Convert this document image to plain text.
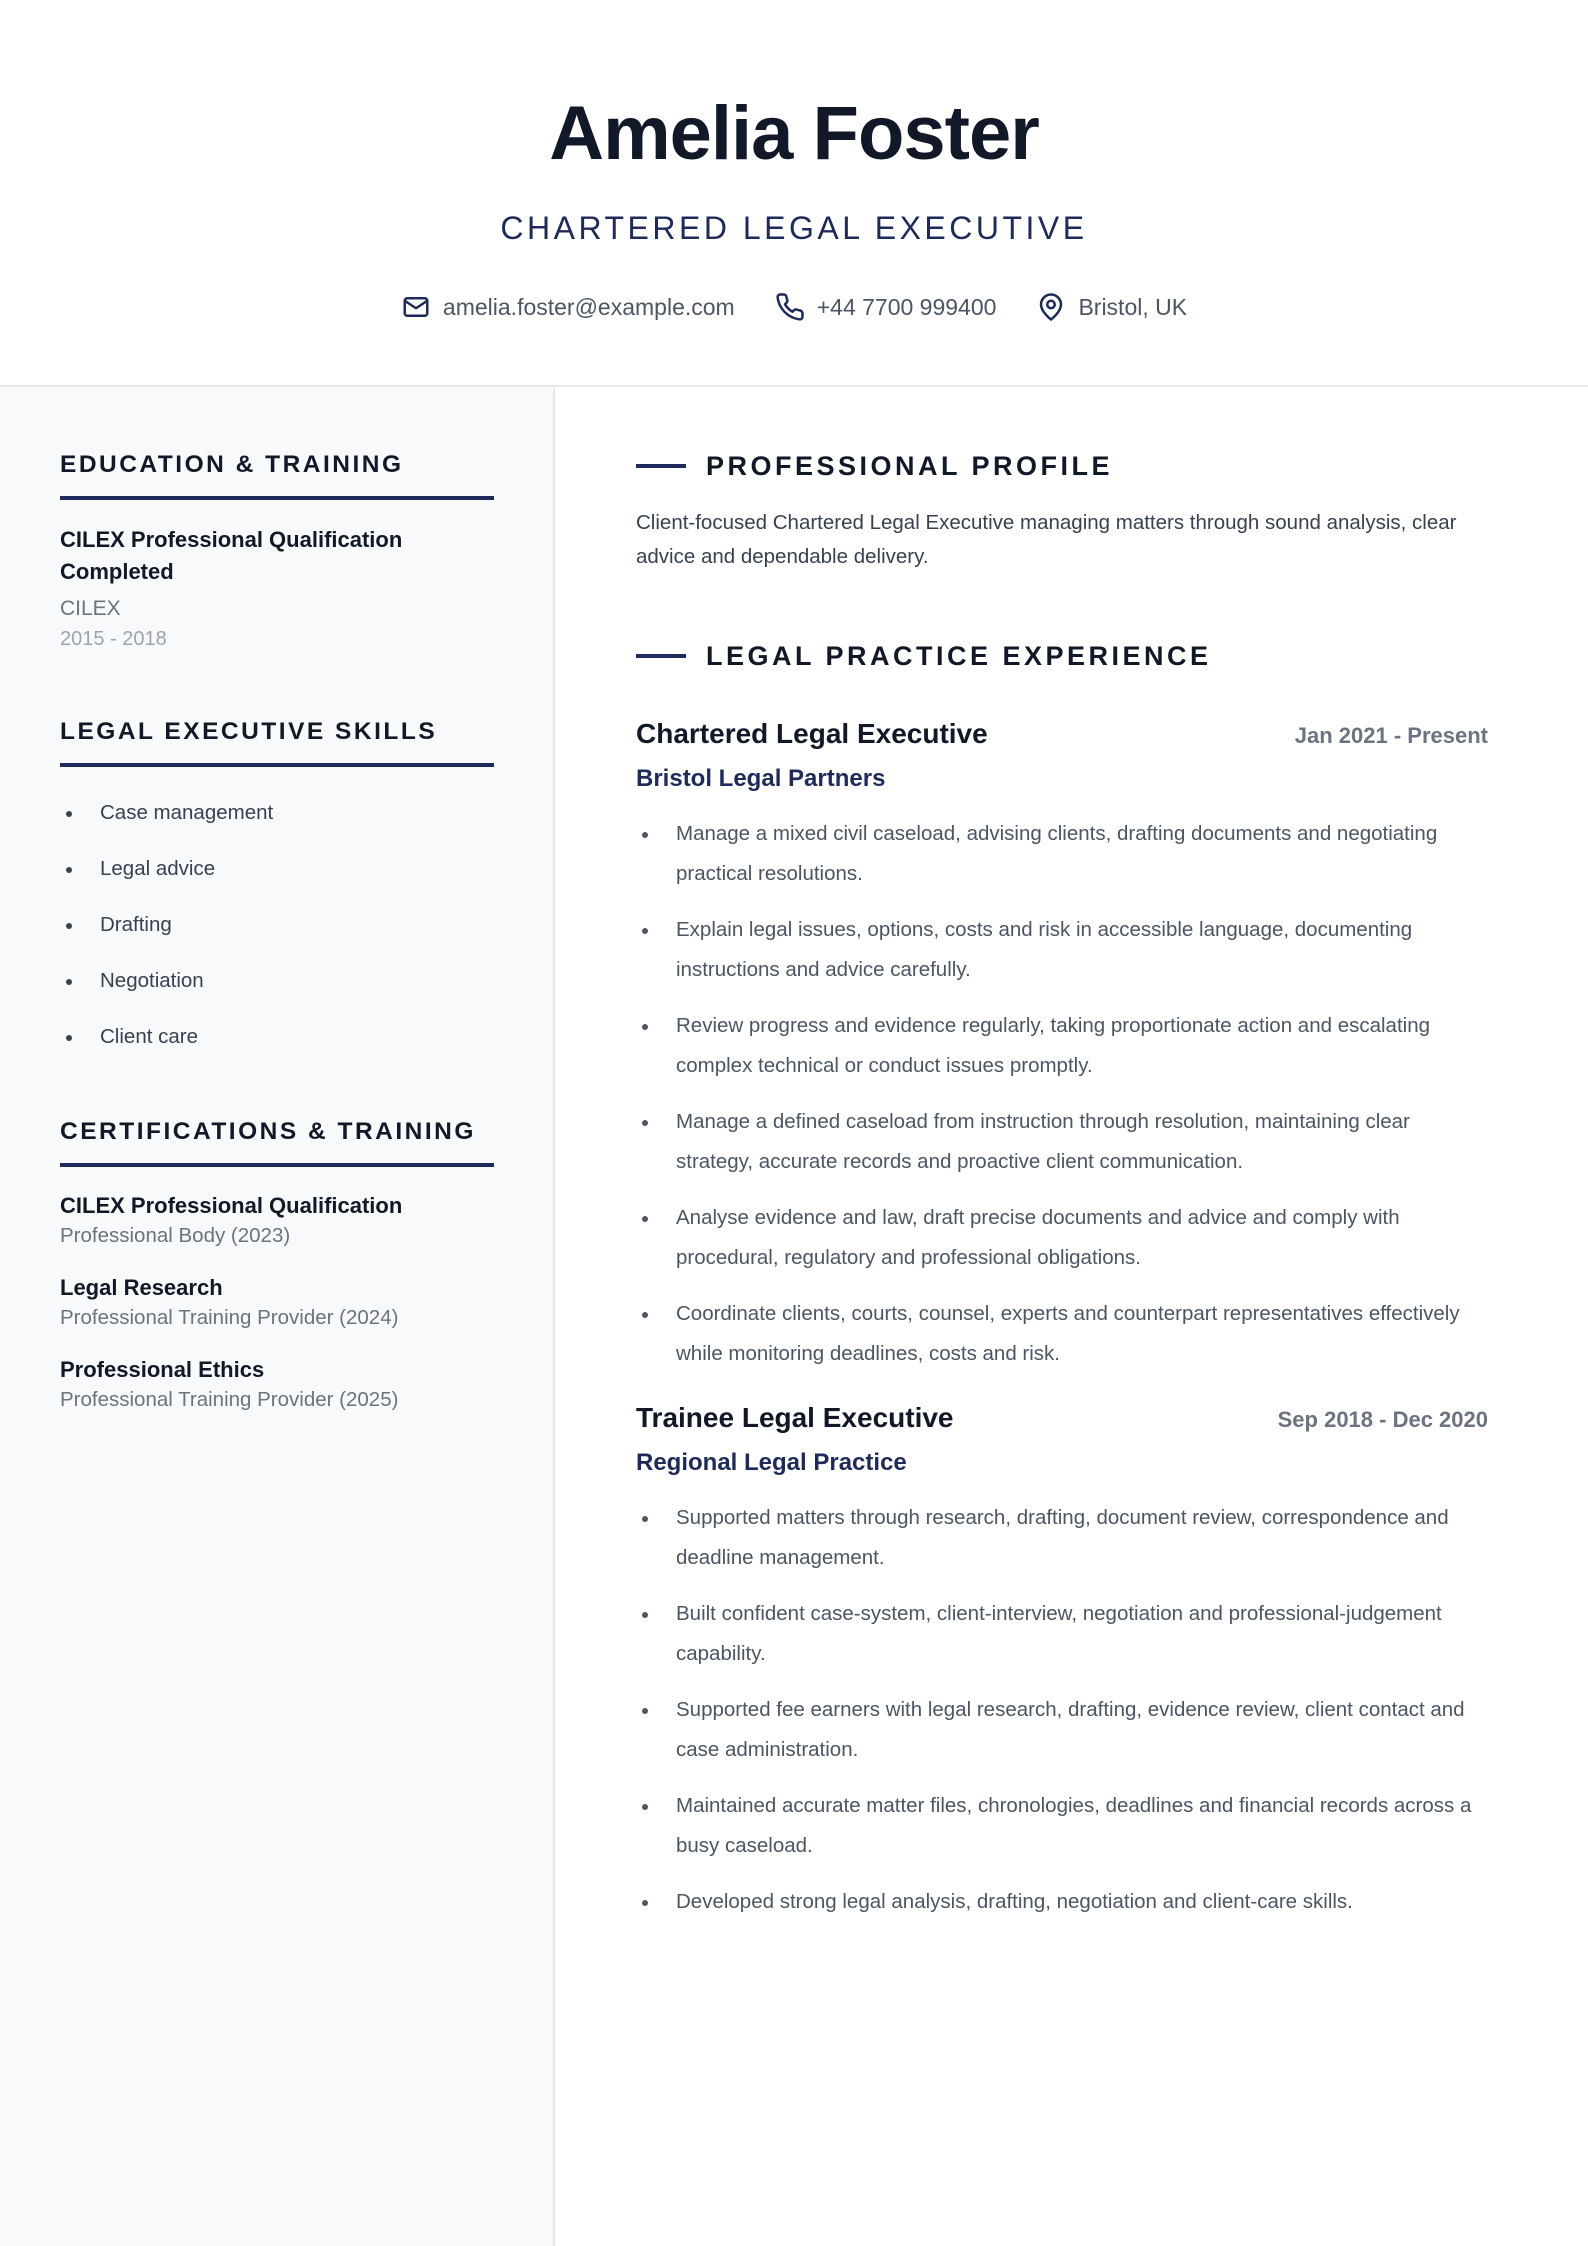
Amelia Foster
CHARTERED LEGAL EXECUTIVE
amelia.foster@example.com	+44 7700 999400	Bristol, UK
EDUCATION & TRAINING
CILEX Professional Qualification Completed
CILEX
2015 - 2018
LEGAL EXECUTIVE SKILLS
Case management
Legal advice
Drafting
Negotiation
Client care
CERTIFICATIONS & TRAINING
CILEX Professional Qualification
Professional Body (2023)
Legal Research
Professional Training Provider (2024)
Professional Ethics
Professional Training Provider (2025)
PROFESSIONAL PROFILE
Client-focused Chartered Legal Executive managing matters through sound analysis, clear advice and dependable delivery.
LEGAL PRACTICE EXPERIENCE
Chartered Legal Executive	Jan 2021 - Present
Bristol Legal Partners
Manage a mixed civil caseload, advising clients, drafting documents and negotiating practical resolutions.
Explain legal issues, options, costs and risk in accessible language, documenting instructions and advice carefully.
Review progress and evidence regularly, taking proportionate action and escalating complex technical or conduct issues promptly.
Manage a defined caseload from instruction through resolution, maintaining clear strategy, accurate records and proactive client communication.
Analyse evidence and law, draft precise documents and advice and comply with procedural, regulatory and professional obligations.
Coordinate clients, courts, counsel, experts and counterpart representatives effectively while monitoring deadlines, costs and risk.
Trainee Legal Executive	Sep 2018 - Dec 2020
Regional Legal Practice
Supported matters through research, drafting, document review, correspondence and deadline management.
Built confident case-system, client-interview, negotiation and professional-judgement capability.
Supported fee earners with legal research, drafting, evidence review, client contact and case administration.
Maintained accurate matter files, chronologies, deadlines and financial records across a busy caseload.
Developed strong legal analysis, drafting, negotiation and client-care skills.
